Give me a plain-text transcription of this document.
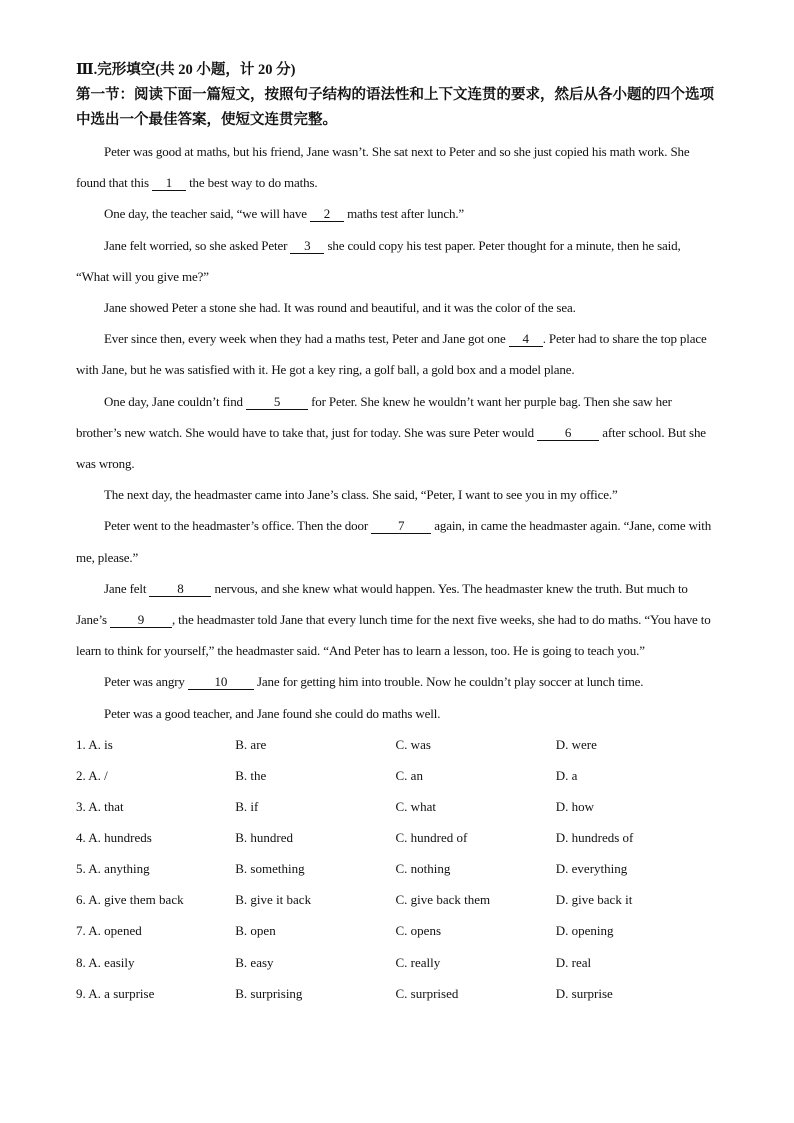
Ⅲ.完形填空(共 20 小题，计 20 分)
第一节：阅读下面一篇短文，按照句子结构的语法性和上下文连贯的要求，然后从各小题的四个选项中选出一个最佳答案，使短文连贯完整。

Peter was good at maths, but his friend, Jane wasn’t. She sat next to Peter and so she just copied his math work. She found that this 1 the best way to do maths.

One day, the teacher said, “we will have 2 maths test after lunch.”

Jane felt worried, so she asked Peter 3 she could copy his test paper. Peter thought for a minute, then he said, “What will you give me?”

Jane showed Peter a stone she had. It was round and beautiful, and it was the color of the sea.

Ever since then, every week when they had a maths test, Peter and Jane got one 4 . Peter had to share the top place with Jane, but he was satisfied with it. He got a key ring, a golf ball, a gold box and a model plane.

One day, Jane couldn’t find 5 for Peter. She knew he wouldn’t want her purple bag. Then she saw her brother’s new watch. She would have to take that, just for today. She was sure Peter would 6 after school. But she was wrong.

The next day, the headmaster came into Jane’s class. She said, “Peter, I want to see you in my office.”

Peter went to the headmaster’s office. Then the door 7 again, in came the headmaster again. “Jane, come with me, please.”

Jane felt 8 nervous, and she knew what would happen. Yes. The headmaster knew the truth. But much to Jane’s 9 , the headmaster told Jane that every lunch time for the next five weeks, she had to do maths. “You have to learn to think for yourself,” the headmaster said. “And Peter has to learn a lesson, too. He is going to teach you.”

Peter was angry 10 Jane for getting him into trouble. Now he couldn’t play soccer at lunch time.

Peter was a good teacher, and Jane found she could do maths well.

1. A. is	B. are	C. was	D. were
2. A. /	B. the	C. an	D. a
3. A. that	B. if	C. what	D. how
4. A. hundreds	B. hundred	C. hundred of	D. hundreds of
5. A. anything	B. something	C. nothing	D. everything
6. A. give them back	B. give it back	C. give back them	D. give back it
7. A. opened	B. open	C. opens	D. opening
8. A. easily	B. easy	C. really	D. real
9. A. a surprise	B. surprising	C. surprised	D. surprise
